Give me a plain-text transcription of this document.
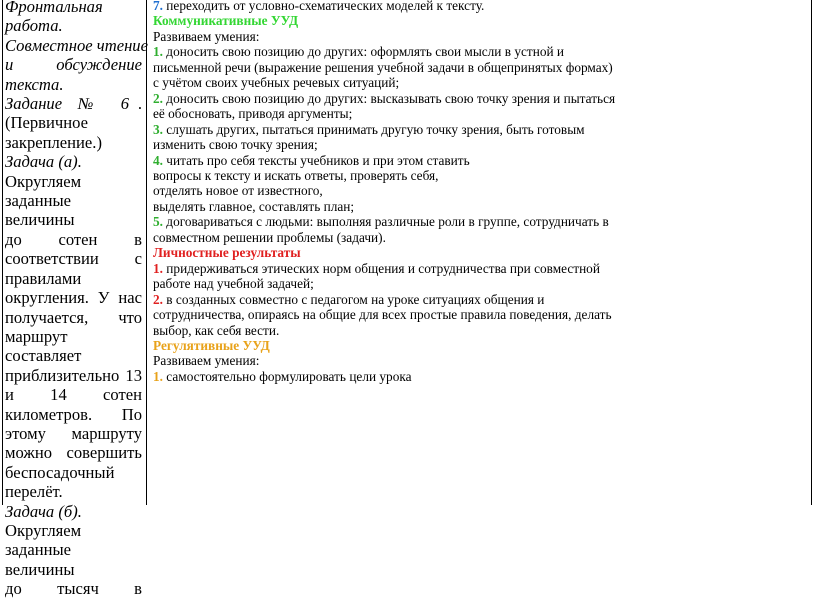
Фронтальная
работа.
Совместное чтение
и обсуждение
текста.
Задание № 6 .
(Первичное
закрепление.)
Задача (а).
Округляем
заданные величины
до сотен в
соответствии с
правилами
округления. У нас
получается, что
маршрут составляет
приблизительно 13
и 14 сотен
километров. По
этому маршруту
можно совершить
беспосадочный
перелёт.
Задача (б).
Округляем
заданные величины
до тысяч в
7. переходить от условно-схематических моделей к тексту.
Коммуникативные УУД
Развиваем умения:
1. доносить свою позицию до других: оформлять свои мысли в устной и
письменной речи (выражение решения учебной задачи в общепринятых формах)
с учётом своих учебных речевых ситуаций;
2. доносить свою позицию до других: высказывать свою точку зрения и пытаться
её обосновать, приводя аргументы;
3. слушать других, пытаться принимать другую точку зрения, быть готовым
изменить свою точку зрения;
4. читать про себя тексты учебников и при этом ставить
вопросы к тексту и искать ответы, проверять себя,
отделять новое от известного,
выделять главное, составлять план;
5. договариваться с людьми: выполняя различные роли в группе, сотрудничать в
совместном решении проблемы (задачи).
Личностные результаты
1. придерживаться этических норм общения и сотрудничества при совместной
работе над учебной задачей;
2. в созданных совместно с педагогом на уроке ситуациях общения и
сотрудничества, опираясь на общие для всех простые правила поведения, делать
выбор, как себя вести.
Регулятивные УУД
Развиваем умения:
1. самостоятельно формулировать цели урока
